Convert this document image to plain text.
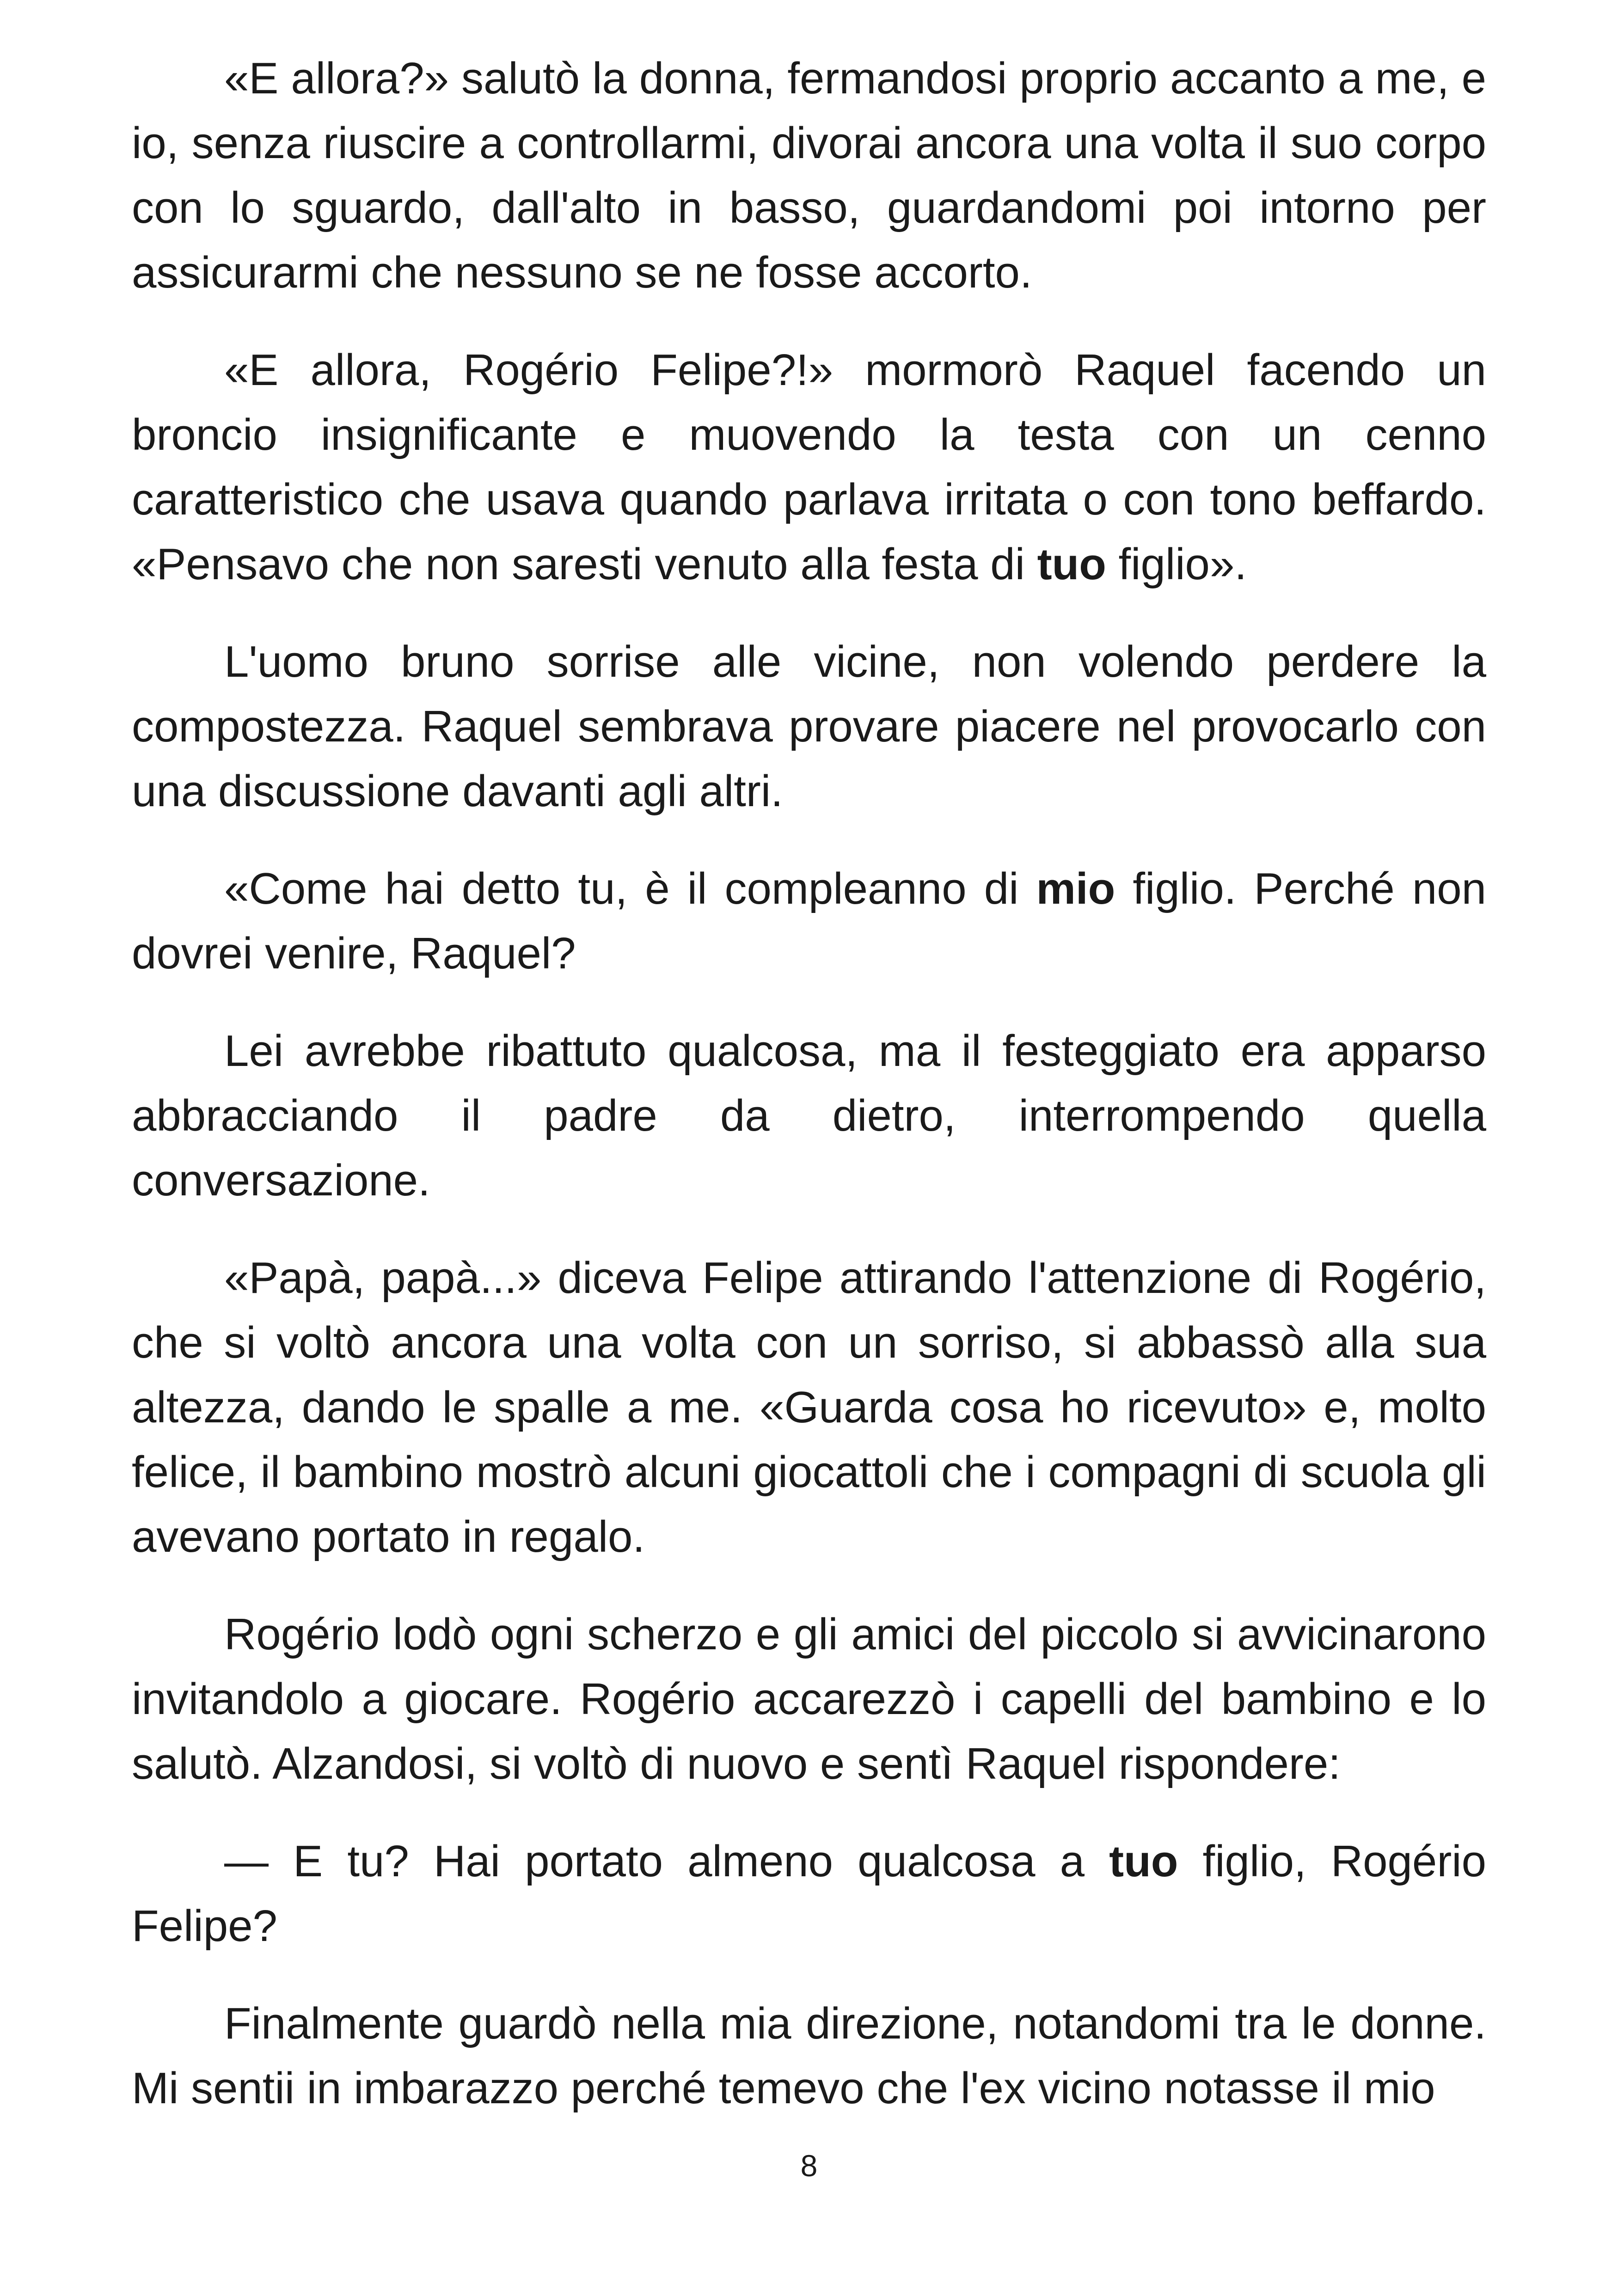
«E allora?» salutò la donna, fermandosi proprio accanto a me, e io, senza riuscire a controllarmi, divorai ancora una volta il suo corpo con lo sguardo, dall'alto in basso, guardandomi poi intorno per assicurarmi che nessuno se ne fosse accorto.

«E allora, Rogério Felipe?!» mormorò Raquel facendo un broncio insignificante e muovendo la testa con un cenno caratteristico che usava quando parlava irritata o con tono beffardo. «Pensavo che non saresti venuto alla festa di tuo figlio».

L'uomo bruno sorrise alle vicine, non volendo perdere la compostezza. Raquel sembrava provare piacere nel provocarlo con una discussione davanti agli altri.

«Come hai detto tu, è il compleanno di mio figlio. Perché non dovrei venire, Raquel?

Lei avrebbe ribattuto qualcosa, ma il festeggiato era apparso abbracciando il padre da dietro, interrompendo quella conversazione.

«Papà, papà...» diceva Felipe attirando l'attenzione di Rogério, che si voltò ancora una volta con un sorriso, si abbassò alla sua altezza, dando le spalle a me. «Guarda cosa ho ricevuto» e, molto felice, il bambino mostrò alcuni giocattoli che i compagni di scuola gli avevano portato in regalo.

Rogério lodò ogni scherzo e gli amici del piccolo si avvicinarono invitandolo a giocare. Rogério accarezzò i capelli del bambino e lo salutò. Alzandosi, si voltò di nuovo e sentì Raquel rispondere:

— E tu? Hai portato almeno qualcosa a tuo figlio, Rogério Felipe?

Finalmente guardò nella mia direzione, notandomi tra le donne. Mi sentii in imbarazzo perché temevo che l'ex vicino notasse il mio

8
